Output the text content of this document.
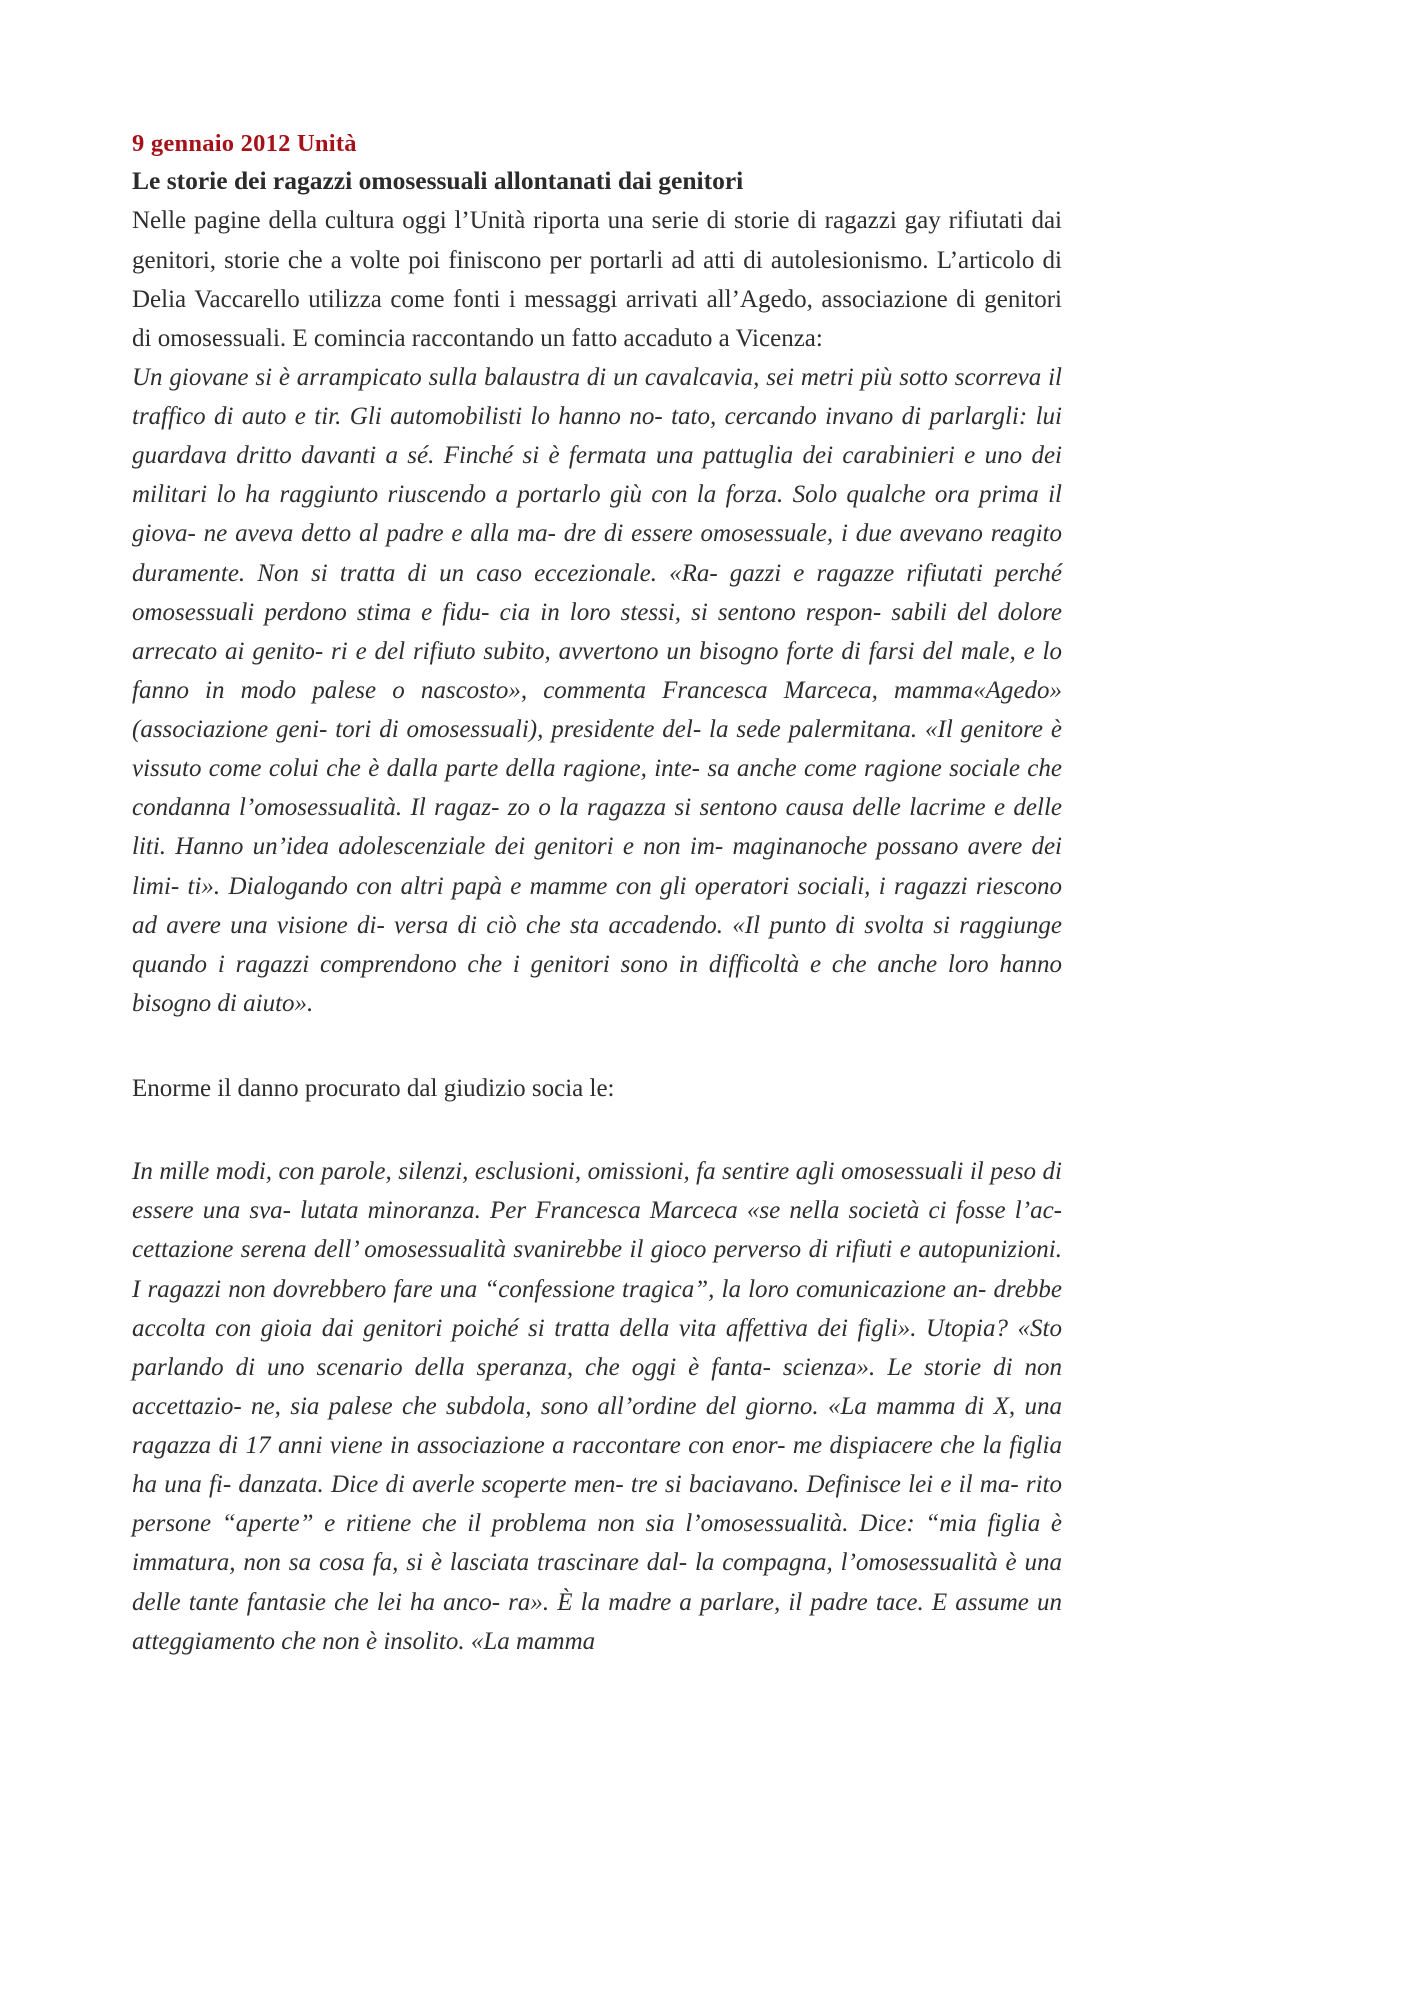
9 gennaio 2012 Unità
Le storie dei ragazzi omosessuali allontanati dai genitori

Nelle pagine della cultura oggi l’Unità riporta una serie di storie di ragazzi gay rifiutati dai genitori, storie che a volte poi finiscono per portarli ad atti di autolesionismo. L’articolo di Delia Vaccarello utilizza come fonti i messaggi arrivati all’Agedo, associazione di genitori di omosessuali. E comincia raccontando un fatto accaduto a Vicenza:

Un giovane si è arrampicato sulla balaustra di un cavalcavia, sei metri più sotto scorreva il traffico di auto e tir. Gli automobilisti lo hanno no- tato, cercando invano di parlargli: lui guardava dritto davanti a sé. Finché si è fermata una pattuglia dei carabinieri e uno dei militari lo ha raggiunto riuscendo a portarlo giù con la forza. Solo qualche ora prima il giova- ne aveva detto al padre e alla ma- dre di essere omosessuale, i due avevano reagito duramente. Non si tratta di un caso eccezionale. «Ra- gazzi e ragazze rifiutati perché omosessuali perdono stima e fidu- cia in loro stessi, si sentono respon- sabili del dolore arrecato ai genito- ri e del rifiuto subito, avvertono un bisogno forte di farsi del male, e lo fanno in modo palese o nascosto», commenta Francesca Marceca, mamma«Agedo» (associazione geni- tori di omosessuali), presidente del- la sede palermitana. «Il genitore è vissuto come colui che è dalla parte della ragione, inte- sa anche come ragione sociale che condanna l’omosessualità. Il ragaz- zo o la ragazza si sentono causa delle lacrime e delle liti. Hanno un’idea adolescenziale dei genitori e non im- maginanoche possano avere dei limi- ti». Dialogando con altri papà e mamme con gli operatori sociali, i ragazzi riescono ad avere una visione di- versa di ciò che sta accadendo. «Il punto di svolta si raggiunge quando i ragazzi comprendono che i genitori sono in difficoltà e che anche loro hanno bisogno di aiuto».

Enorme il danno procurato dal giudizio socia le:

In mille modi, con parole, silenzi, esclusioni, omissioni, fa sentire agli omosessuali il peso di essere una sva- lutata minoranza. Per Francesca Marceca «se nella società ci fosse l’ac- cettazione serena dell’ omosessualità svanirebbe il gioco perverso di rifiuti e autopunizioni. I ragazzi non dovrebbero fare una “confessione tragica”, la loro comunicazione an- drebbe accolta con gioia dai genitori poiché si tratta della vita affettiva dei figli». Utopia? «Sto parlando di uno scenario della speranza, che oggi è fanta- scienza». Le storie di non accettazio- ne, sia palese che subdola, sono all’ordine del giorno. «La mamma di X, una ragazza di 17 anni viene in associazione a raccontare con enor- me dispiacere che la figlia ha una fi- danzata. Dice di averle scoperte men- tre si baciavano. Definisce lei e il ma- rito persone “aperte” e ritiene che il problema non sia l’omosessualità. Dice: “mia figlia è immatura, non sa cosa fa, si è lasciata trascinare dal- la compagna, l’omosessualità è una delle tante fantasie che lei ha anco- ra». È la madre a parlare, il padre tace. E assume un atteggiamento che non è insolito. «La mamma
